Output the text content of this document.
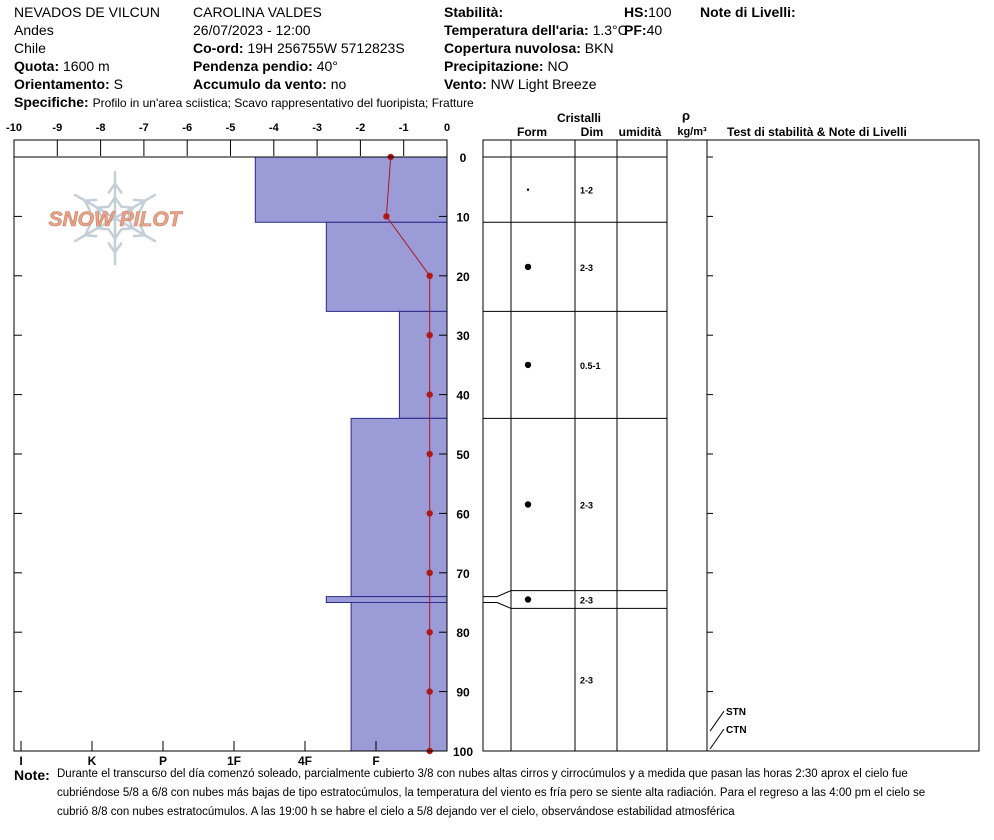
NEVADOS DE VILCUN
Andes
Chile
Quota: 1600 m
Orientamento: S
CAROLINA VALDES
26/07/2023 - 12:00
Co-ord: 19H 256755W 5712823S
Pendenza pendio: 40°
Accumulo da vento: no
Stabilità:
Temperatura dell'aria: 1.3°C
Copertura nuvolosa: BKN
Precipitazione: NO
Vento: NW Light Breeze
HS:100
PF:40
Note di Livelli:
Specifiche: Profilo in un'area sciistica; Scavo rappresentativo del fuoripista; Fratture
SNOW PILOT
-10	-9	-8	-7	-6	-5	-4	-3	-2	-1	0
0
10
20
30
40
50
60
70
80
90
100
I	K	P	1F	4F	F
1-2
2-3
0.5-1
2-3
2-3
2-3
STN
CTN
Cristalli
Form	Dim umidità
ρ
kg/m³ Test di stabilità & Note di Livelli
Note: Durante el transcurso del día comenzó soleado, parcialmente cubierto 3/8 con nubes altas cirros y cirrocúmulos y a medida que pasan las horas 2:30 aprox el cielo fue
cubriéndose 5/8 a 6/8 con nubes más bajas de tipo estratocúmulos, la temperatura del viento es fría pero se siente alta radiación. Para el regreso a las 4:00 pm el cielo se
cubrió 8/8 con nubes estratocúmulos. A las 19:00 h se habre el cielo a 5/8 dejando ver el cielo, observándose estabilidad atmosférica
